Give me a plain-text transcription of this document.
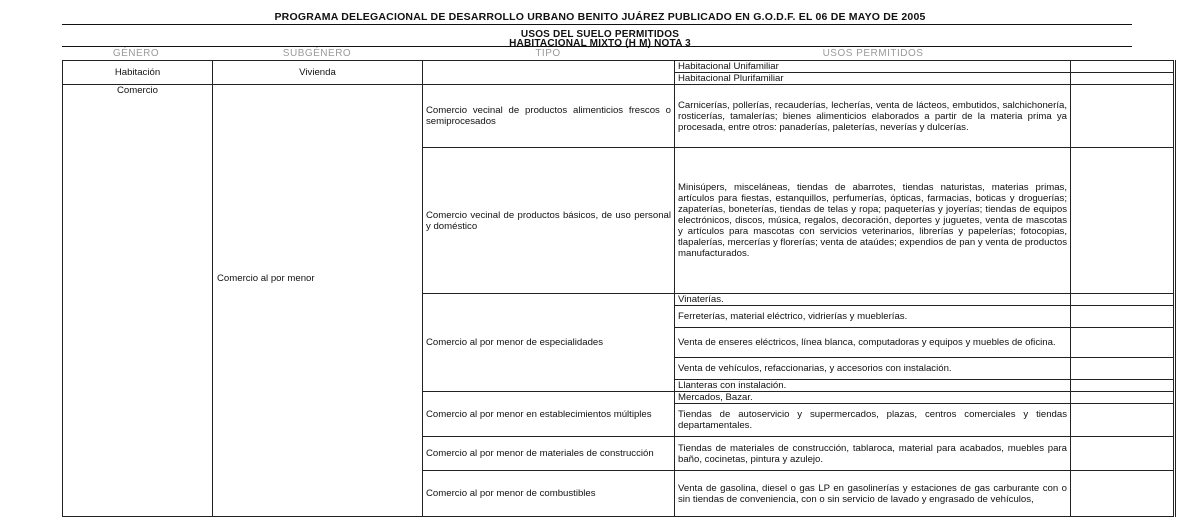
PROGRAMA DELEGACIONAL DE DESARROLLO URBANO BENITO JUÁREZ PUBLICADO EN G.O.D.F. EL 06 DE MAYO DE 2005
USOS DEL SUELO PERMITIDOS
HABITACIONAL MIXTO (H M) NOTA 3
GÉNERO	SUBGÉNERO	TIPO	USOS PERMITIDOS
Habitación	Vivienda		Habitacional Unifamiliar	
			Habitacional Plurifamiliar	
Comercio	Comercio al por menor	Comercio vecinal de productos alimenticios frescos o semiprocesados	Carnicerías, pollerías, recauderías, lecherías, venta de lácteos, embutidos, salchichonería, rosticerías, tamalerías; bienes alimenticios elaborados a partir de la materia prima ya procesada, entre otros: panaderías, paleterías, neverías y dulcerías.	
		Comercio vecinal de productos básicos, de uso personal y doméstico	Minisúpers, misceláneas, tiendas de abarrotes, tiendas naturistas, materias primas, artículos para fiestas, estanquillos, perfumerías, ópticas, farmacias, boticas y droguerías; zapaterías, boneterías, tiendas de telas y ropa; paqueterías y joyerías; tiendas de equipos electrónicos, discos, música, regalos, decoración, deportes y juguetes, venta de mascotas y artículos para mascotas con servicios veterinarios, librerías y papelerías; fotocopias, tlapalerías, mercerías y florerías; venta de ataúdes; expendios de pan y venta de productos manufacturados.	
		Comercio al por menor de especialidades	Vinaterías.	
			Ferreterías, material eléctrico, vidrierías y mueblerías.	
			Venta de enseres eléctricos, línea blanca, computadoras y equipos y muebles de oficina.	
			Venta de vehículos, refaccionarias, y accesorios con instalación.	
			Llanteras con instalación.	
		Comercio al por menor en establecimientos múltiples	Mercados, Bazar.	
			Tiendas de autoservicio y supermercados, plazas, centros comerciales y tiendas departamentales.	
		Comercio al por menor de materiales de construcción	Tiendas de materiales de construcción, tablaroca, material para acabados, muebles para baño, cocinetas, pintura y azulejo.	
		Comercio al por menor de combustibles	Venta de gasolina, diesel o gas LP en gasolinerías y estaciones de gas carburante con o sin tiendas de conveniencia, con o sin servicio de lavado y engrasado de vehículos,	
